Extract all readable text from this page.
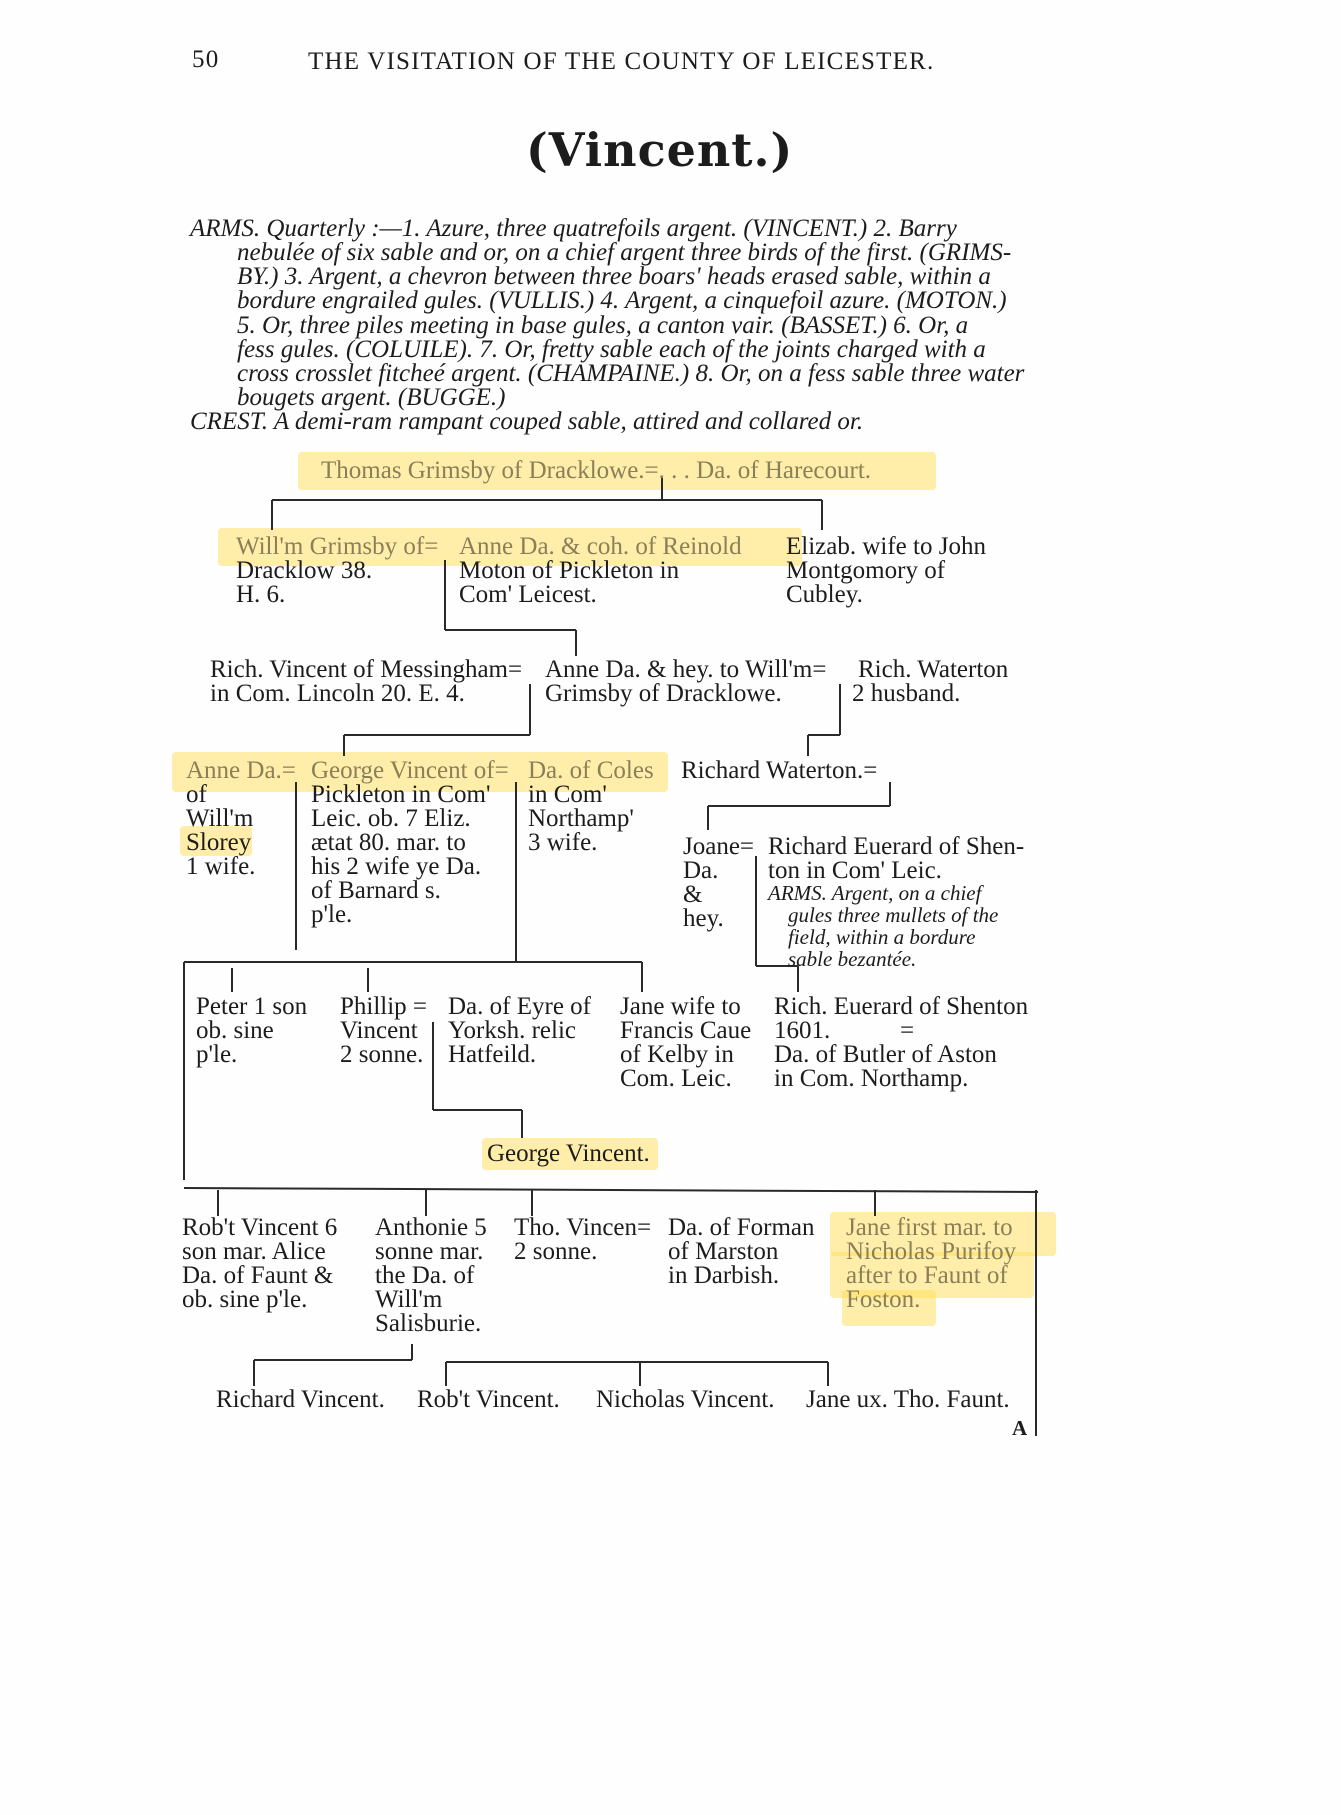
50	THE VISITATION OF THE COUNTY OF LEICESTER.
(Vincent.)
ARMS. Quarterly :—1. Azure, three quatrefoils argent. (VINCENT.) 2. Barry
nebulée of six sable and or, on a chief argent three birds of the first. (GRIMS-
BY.) 3. Argent, a chevron between three boars' heads erased sable, within a
bordure engrailed gules. (VULLIS.) 4. Argent, a cinquefoil azure. (MOTON.)
5. Or, three piles meeting in base gules, a canton vair. (BASSET.) 6. Or, a
fess gules. (COLUILE). 7. Or, fretty sable each of the joints charged with a
cross crosslet fitcheé argent. (CHAMPAINE.) 8. Or, on a fess sable three water
bougets argent. (BUGGE.)
CREST. A demi-ram rampant couped sable, attired and collared or.
Thomas Grimsby of Dracklowe.=. . . Da. of Harecourt.
Will'm Grimsby of=
Dracklow 38.
H. 6.
Anne Da. & coh. of Reinold
Moton of Pickleton in
Com' Leicest.
Elizab. wife to John
Montgomory of
Cubley.
Rich. Vincent of Messingham=
in Com. Lincoln 20. E. 4.
Anne Da. & hey. to Will'm=
Grimsby of Dracklowe.
Rich. Waterton
2 husband.
Anne Da.=
of
Will'm
Slorey
1 wife.
George Vincent of=
Pickleton in Com'
Leic. ob. 7 Eliz.
ætat 80. mar. to
his 2 wife ye Da.
of Barnard s.
p'le.
Da. of Coles
in Com'
Northamp'
3 wife.
Richard Waterton.=
Joane=
Da.
&
hey.
Richard Euerard of Shen-
ton in Com' Leic.
ARMS. Argent, on a chief
gules three mullets of the
field, within a bordure
sable bezantée.
Peter 1 son
ob. sine
p'le.
Phillip =
Vincent
2 sonne.
Da. of Eyre of
Yorksh. relic
Hatfeild.
Jane wife to
Francis Caue
of Kelby in
Com. Leic.
Rich. Euerard of Shenton
1601.	=
Da. of Butler of Aston
in Com. Northamp.
George Vincent.
Rob't Vincent 6
son mar. Alice
Da. of Faunt &
ob. sine p'le.
Anthonie 5
sonne mar.
the Da. of
Will'm
Salisburie.
Tho. Vincen=
2 sonne.
Da. of Forman
of Marston
in Darbish.
Jane first mar. to
Nicholas Purifoy
after to Faunt of
Foston.
Richard Vincent. Rob't Vincent. Nicholas Vincent. Jane ux. Tho. Faunt.
A
